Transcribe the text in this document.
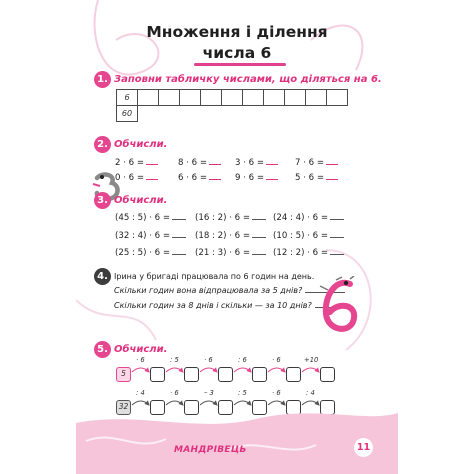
Множення і ділення
числа 6
1. Заповни табличку числами, що діляться на 6.
6										
60										
2. Обчисли.
2 · 6 =	8 · 6 =	3 · 6 =	7 · 6 =
0 · 6 =	6 · 6 =	9 · 6 =	5 · 6 =
3. Обчисли.
(45 : 5) · 6 =	(16 : 2) · 6 =	(24 : 4) · 6 =
(32 : 4) · 6 =	(18 : 2) · 6 =	(10 : 5) · 6 =
(25 : 5) · 6 =	(21 : 3) · 6 =	(12 : 2) · 6 =
4. Ірина у бригаді працювала по 6 годин на день.
Скільки годин вона відпрацювала за 5 днів?
Скільки годин за 8 днів і скільки — за 10 днів?
5. Обчисли.
5
· 6	: 5	· 6	: 6	· 6	+10
32
: 4	· 6	– 3	: 5	· 6	: 4
МАНДРІВЕЦЬ	11
